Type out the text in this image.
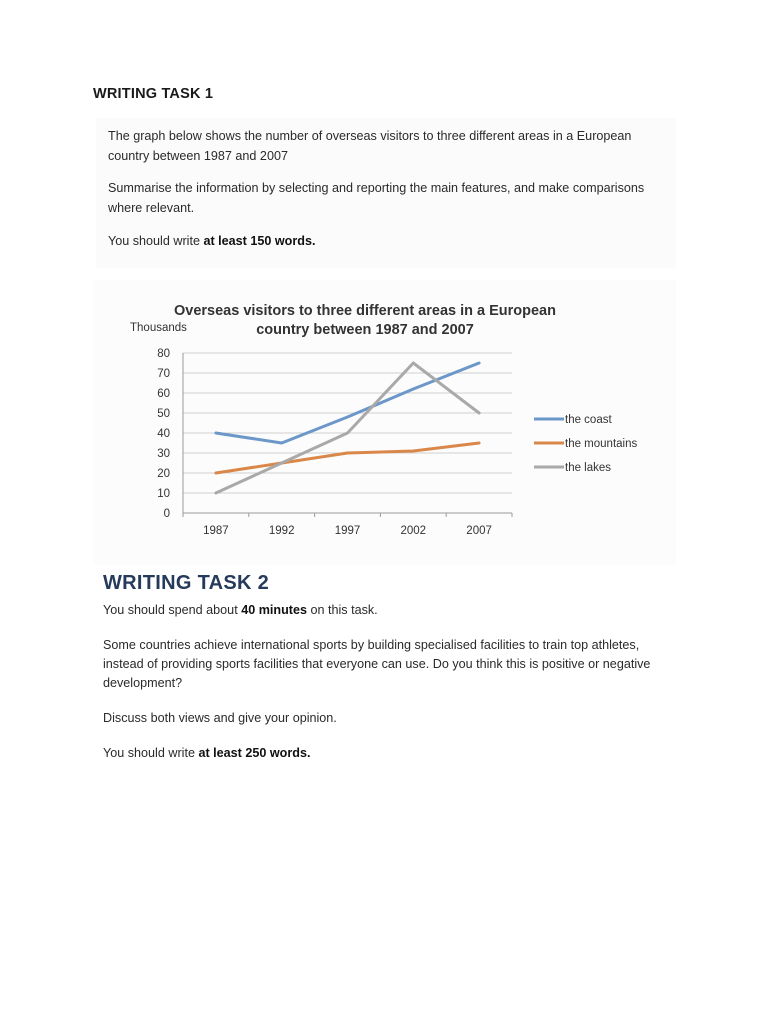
WRITING TASK 1

The graph below shows the number of overseas visitors to three different areas in a European country between 1987 and 2007

Summarise the information by selecting and reporting the main features, and make comparisons where relevant.

You should write at least 150 words.

Overseas visitors to three different areas in a European
country between 1987 and 2007
Thousands
0
10
20
30
40
50
60
70
80
1987	1992	1997	2002	2007
the coast
the mountains
the lakes
WRITING TASK 2

You should spend about 40 minutes on this task.

Some countries achieve international sports by building specialised facilities to train top athletes, instead of providing sports facilities that everyone can use. Do you think this is positive or negative development?

Discuss both views and give your opinion.

You should write at least 250 words.
